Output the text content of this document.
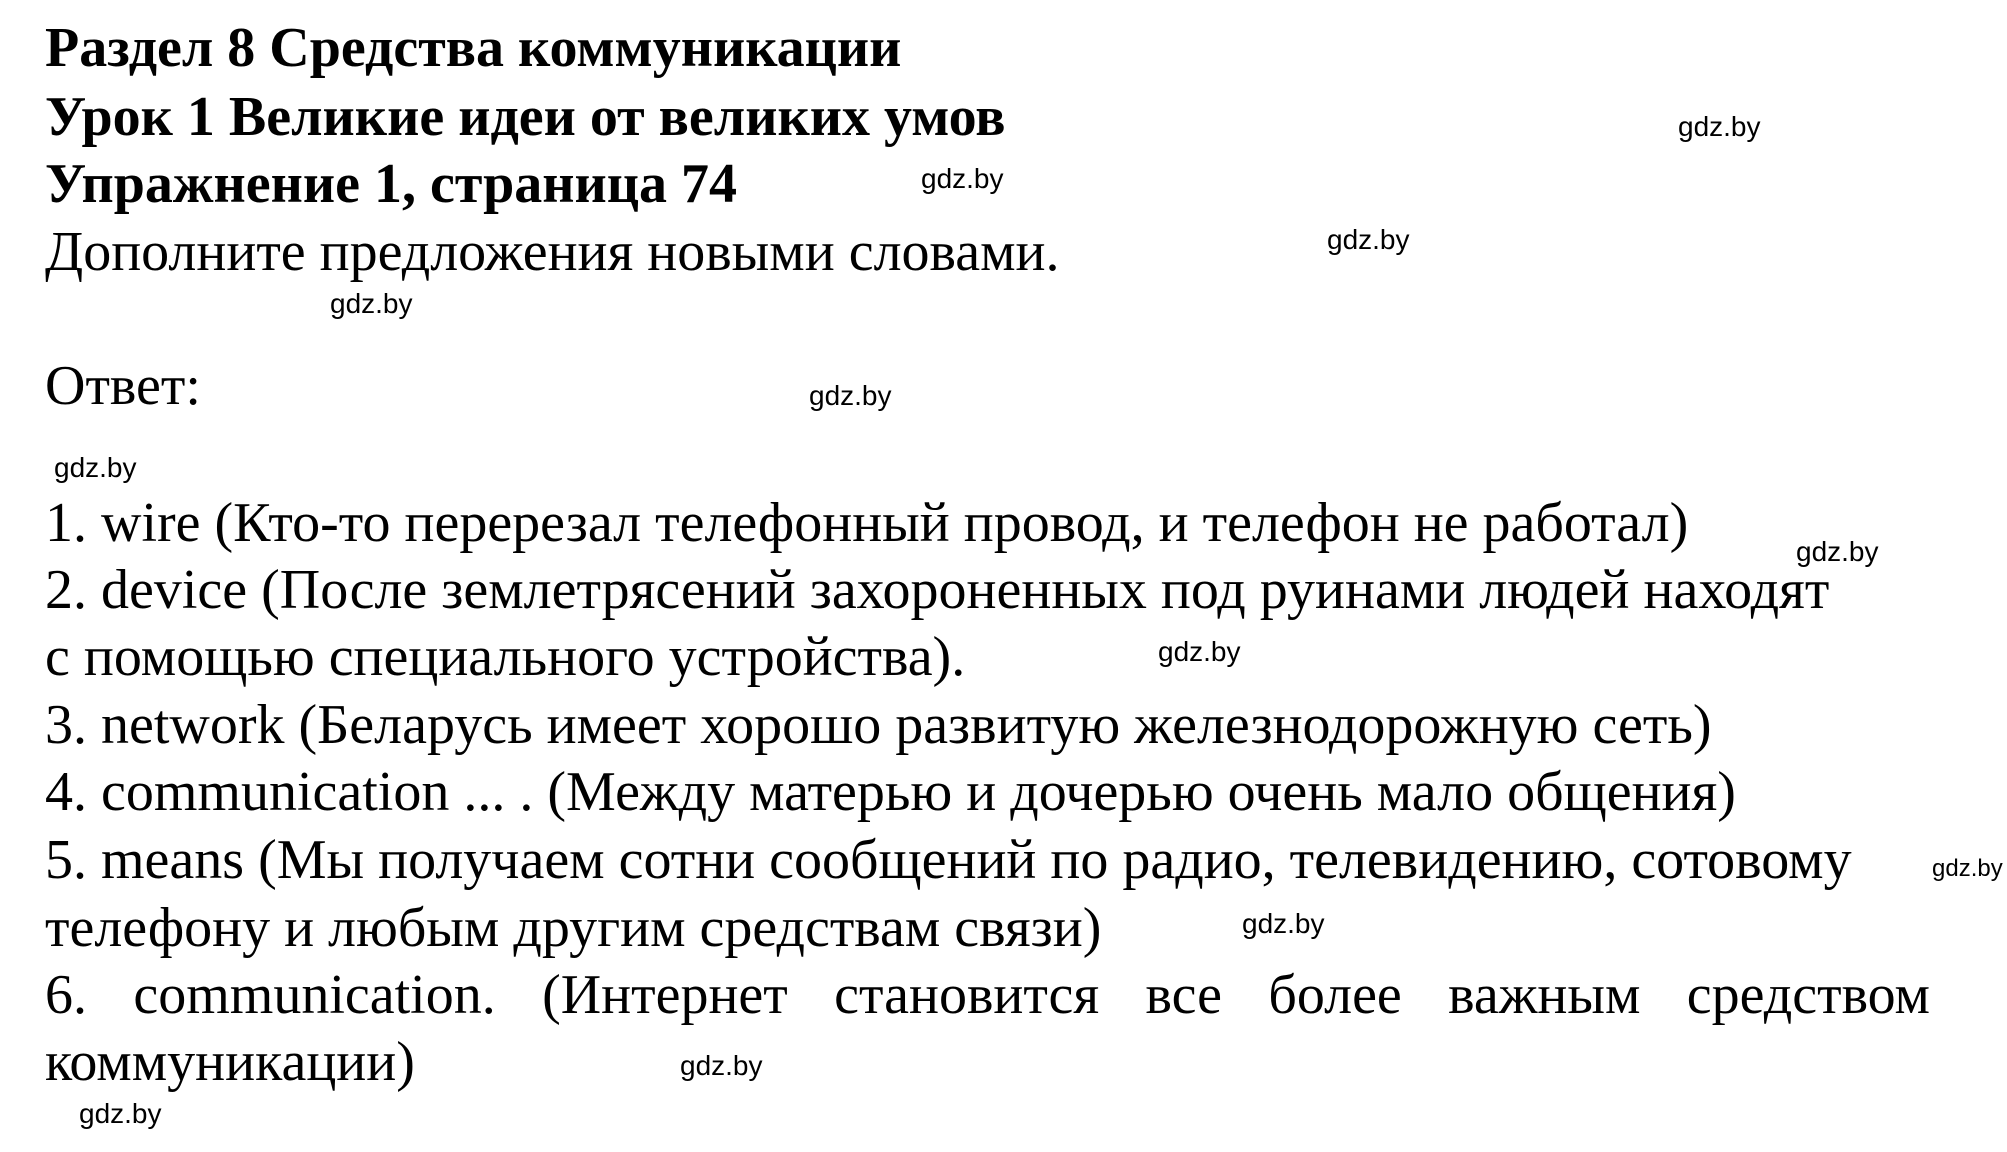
Раздел 8 Средства коммуникации
Урок 1 Великие идеи от великих умов
Упражнение 1, страница 74
Дополните предложения новыми словами.
Ответ:
1. wire (Кто-то перерезал телефонный провод, и телефон не работал)
2. device (После землетрясений захороненных под руинами людей находят
с помощью специального устройства).
3. network (Беларусь имеет хорошо развитую железнодорожную сеть)
4. communication ... . (Между матерью и дочерью очень мало общения)
5. means (Мы получаем сотни сообщений по радио, телевидению, сотовому
телефону и любым другим средствам связи)
6. communication. (Интернет становится все более важным средством
коммуникации)
gdz.by
gdz.by
gdz.by
gdz.by
gdz.by
gdz.by
gdz.by
gdz.by
gdz.by
gdz.by
gdz.by
gdz.by
